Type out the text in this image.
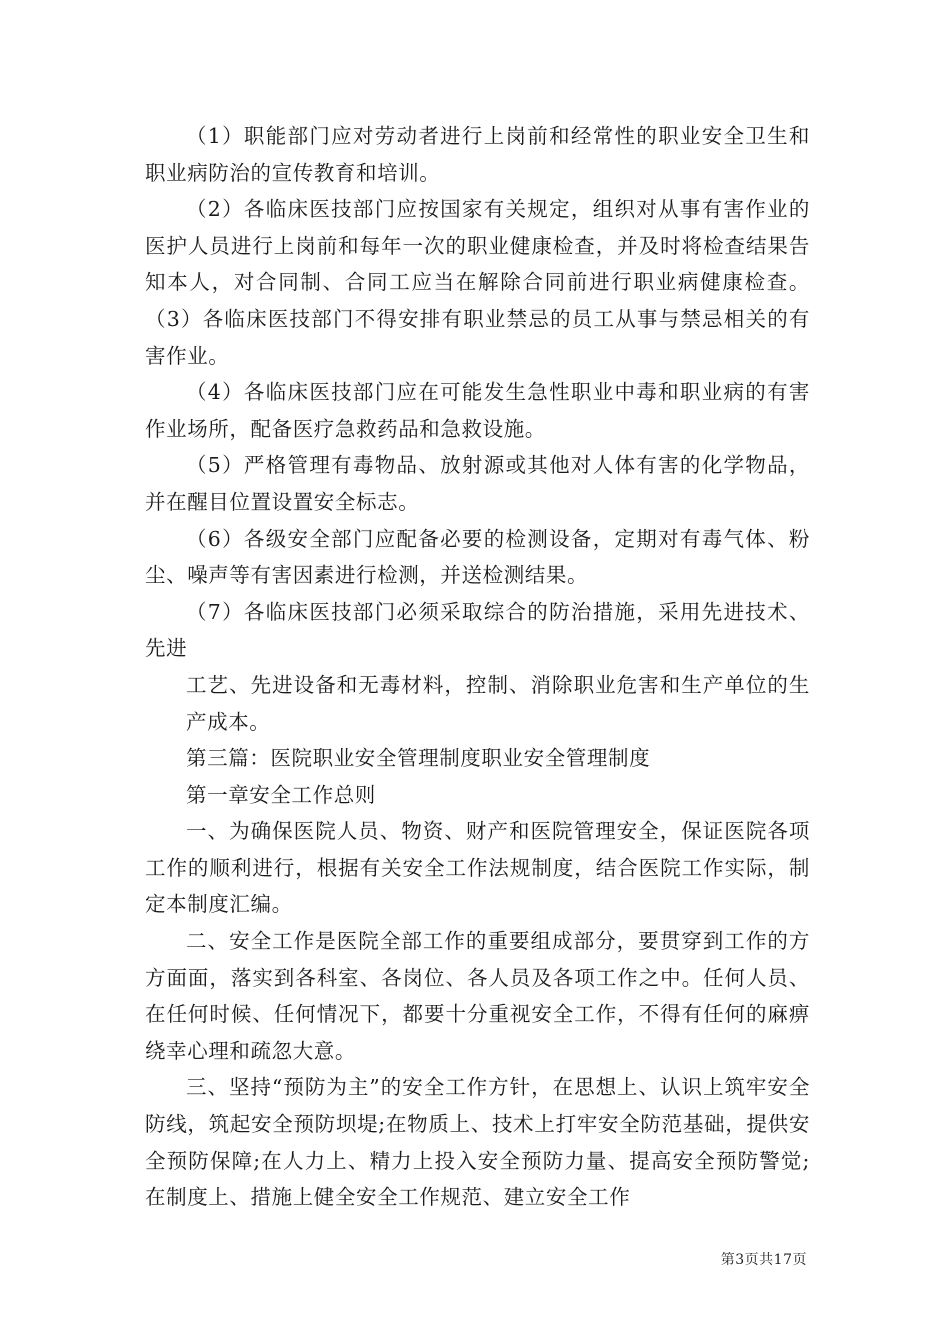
（1）职能部门应对劳动者进行上岗前和经常性的职业安全卫生和职业病防治的宣传教育和培训。

（2）各临床医技部门应按国家有关规定，组织对从事有害作业的医护人员进行上岗前和每年一次的职业健康检查，并及时将检查结果告知本人，对合同制、合同工应当在解除合同前进行职业病健康检查。（3）各临床医技部门不得安排有职业禁忌的员工从事与禁忌相关的有害作业。

（4）各临床医技部门应在可能发生急性职业中毒和职业病的有害作业场所，配备医疗急救药品和急救设施。

（5）严格管理有毒物品、放射源或其他对人体有害的化学物品，并在醒目位置设置安全标志。

（6）各级安全部门应配备必要的检测设备，定期对有毒气体、粉尘、噪声等有害因素进行检测，并送检测结果。

（7）各临床医技部门必须采取综合的防治措施，采用先进技术、先进

工艺、先进设备和无毒材料，控制、消除职业危害和生产单位的生产成本。

第三篇：医院职业安全管理制度职业安全管理制度

第一章安全工作总则

一、为确保医院人员、物资、财产和医院管理安全，保证医院各项工作的顺利进行，根据有关安全工作法规制度，结合医院工作实际，制定本制度汇编。

二、安全工作是医院全部工作的重要组成部分，要贯穿到工作的方方面面，落实到各科室、各岗位、各人员及各项工作之中。任何人员、在任何时候、任何情况下，都要十分重视安全工作，不得有任何的麻痹绕幸心理和疏忽大意。

三、坚持“预防为主”的安全工作方针，在思想上、认识上筑牢安全防线，筑起安全预防坝堤;在物质上、技术上打牢安全防范基础，提供安全预防保障;在人力上、精力上投入安全预防力量、提高安全预防警觉;在制度上、措施上健全安全工作规范、建立安全工作

第3页共17页
